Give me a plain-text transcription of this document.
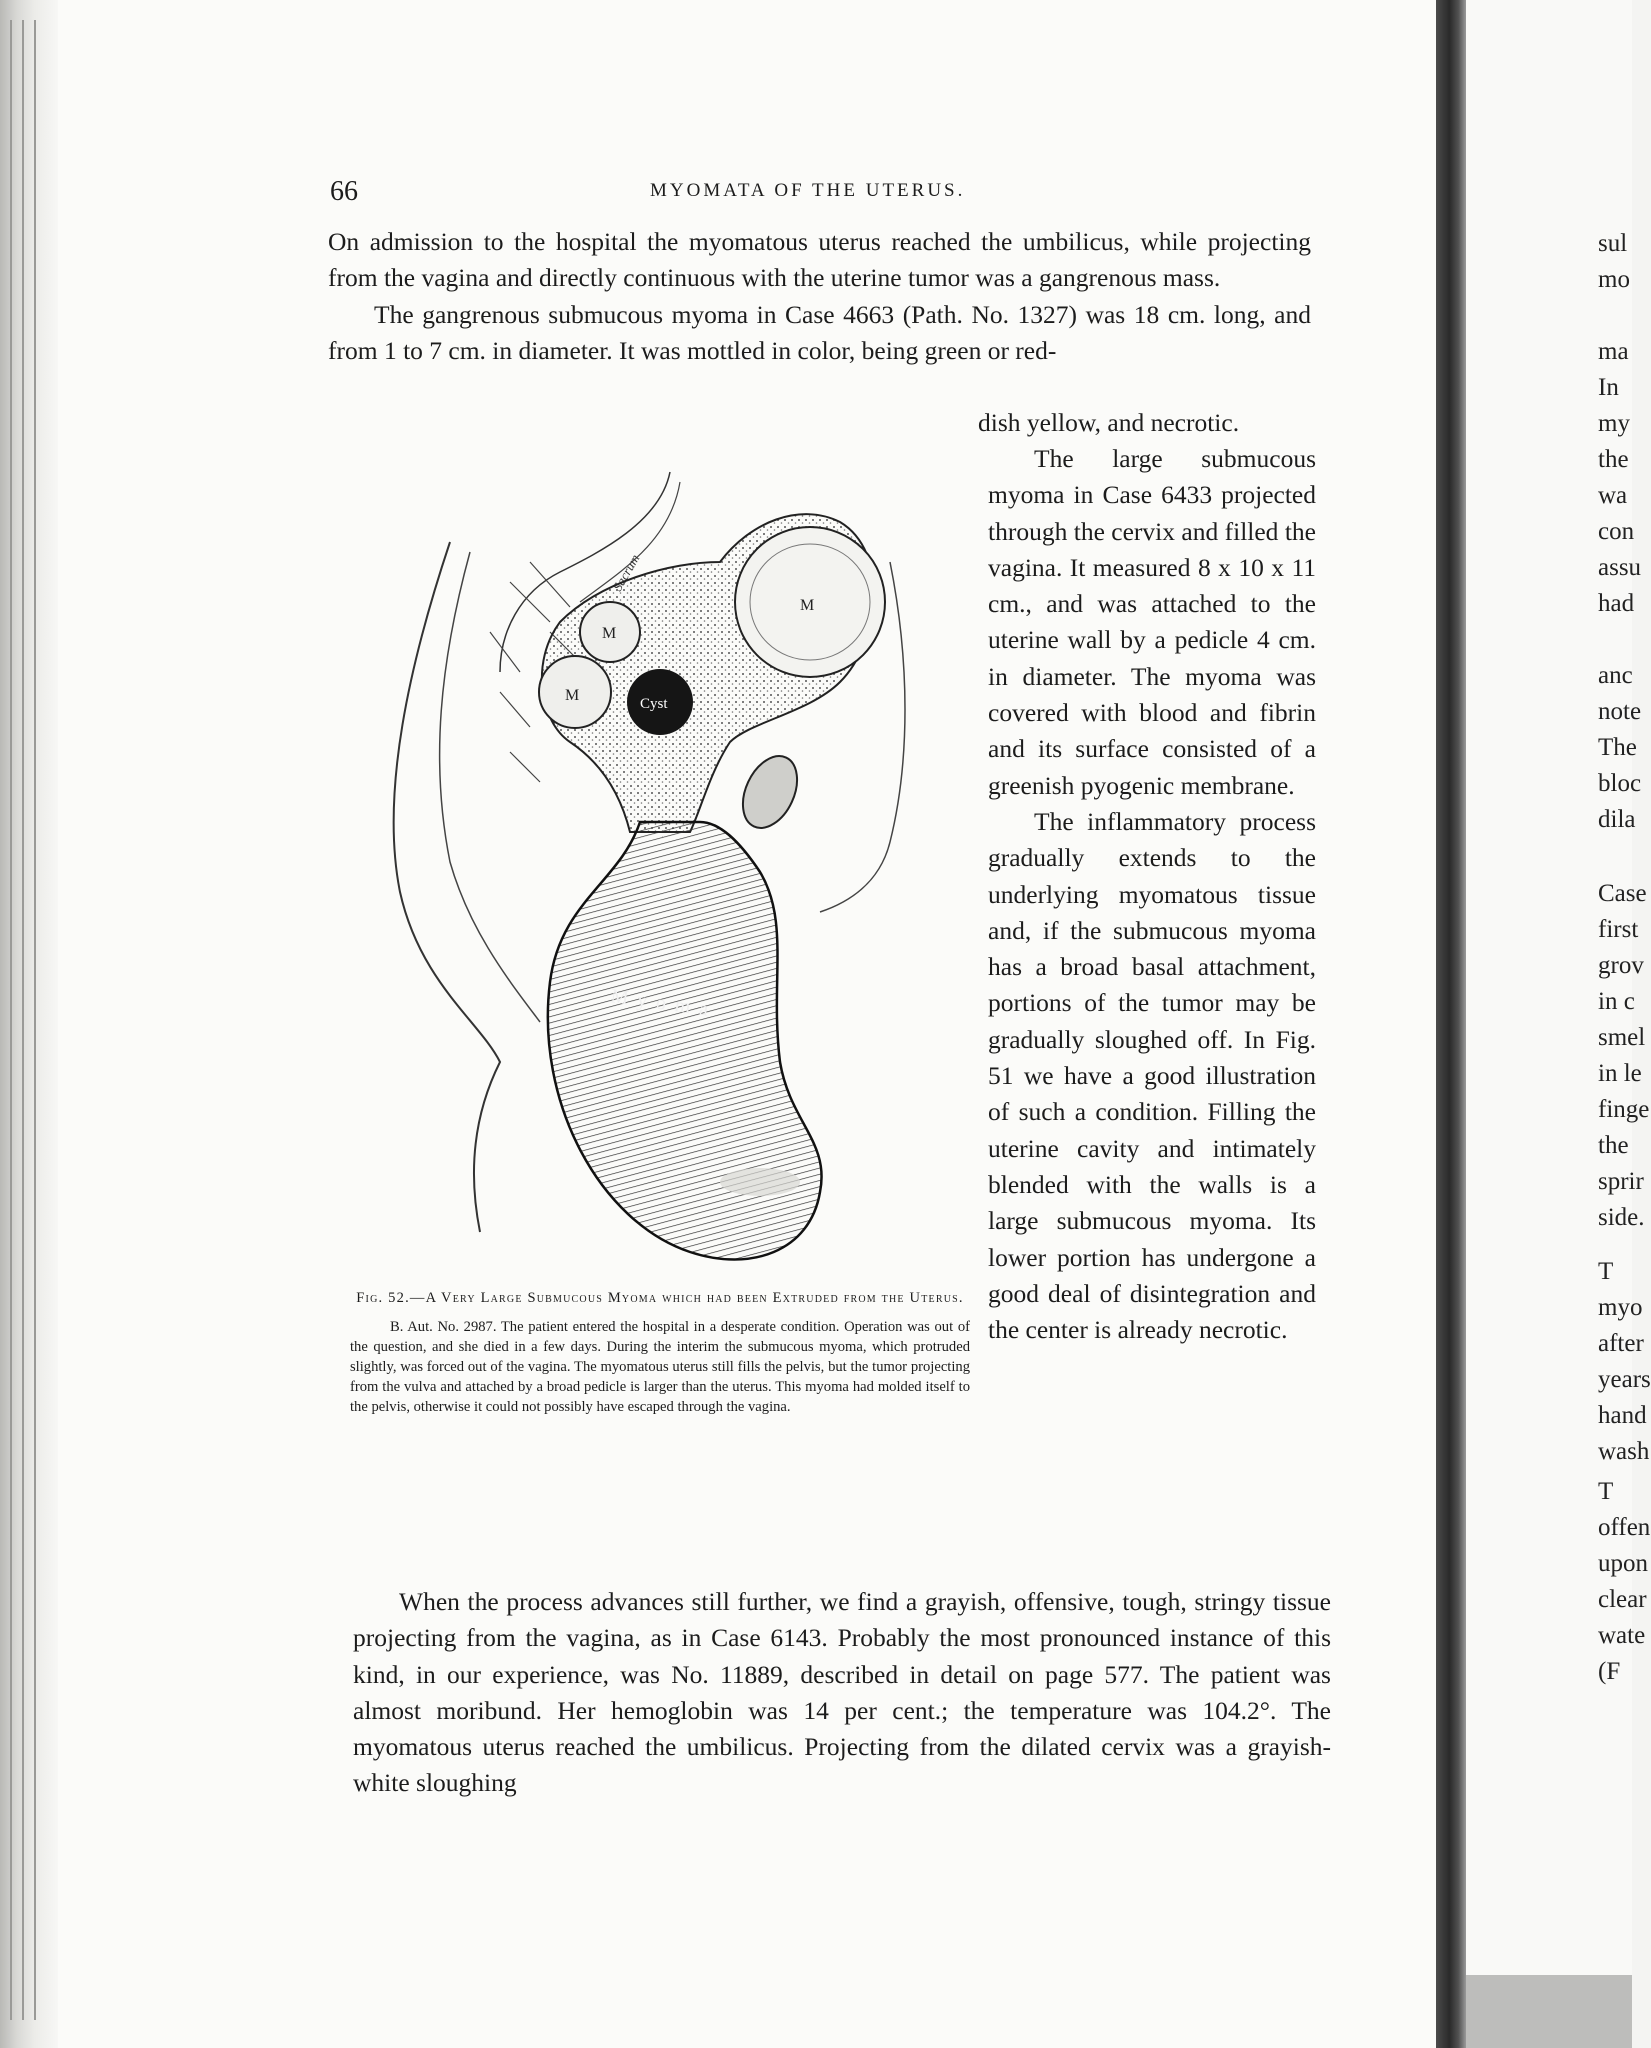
66	MYOMATA OF THE UTERUS.

On admission to the hospital the myomatous uterus reached the umbilicus, while projecting from the vagina and directly continuous with the uterine tumor was a gangrenous mass.

The gangrenous submucous myoma in Case 4663 (Path. No. 1327) was 18 cm. long, and from 1 to 7 cm. in diameter. It was mottled in color, being green or red-

dish yellow, and necrotic.

The large submucous myoma in Case 6433 projected through the cervix and filled the vagina. It measured 8 x 10 x 11 cm., and was attached to the uterine wall by a pedicle 4 cm. in diameter. The myoma was covered with blood and fibrin and its surface consisted of a greenish pyogenic membrane.

The inflammatory process gradually extends to the underlying myomatous tissue and, if the submucous myoma has a broad basal attachment, portions of the tumor may be gradually sloughed off. In Fig. 51 we have a good illustration of such a condition. Filling the uterine cavity and intimately blended with the walls is a large submucous myoma. Its lower portion has undergone a good deal of disintegration and the center is already necrotic.

Sacrum
M
M
M
Cyst
Myoma

Fig. 52.—A Very Large Submucous Myoma which had been Extruded from the Uterus.

B. Aut. No. 2987. The patient entered the hospital in a desperate condition. Operation was out of the question, and she died in a few days. During the interim the submucous myoma, which protruded slightly, was forced out of the vagina. The myomatous uterus still fills the pelvis, but the tumor projecting from the vulva and attached by a broad pedicle is larger than the uterus. This myoma had molded itself to the pelvis, otherwise it could not possibly have escaped through the vagina.

When the process advances still further, we find a grayish, offensive, tough, stringy tissue projecting from the vagina, as in Case 6143. Probably the most pronounced instance of this kind, in our experience, was No. 11889, described in detail on page 577. The patient was almost moribund. Her hemoglobin was 14 per cent.; the temperature was 104.2°. The myomatous uterus reached the umbilicus. Projecting from the dilated cervix was a grayish-white sloughing

sul
mo
ma
In
my
the
wa
con
assu
had
anc
note
The
bloc
dila
Case
first
grov
in c
smel
in le
finge
the
sprir
side.
T
myo
after
years
hand
wash
T
offen
upon
clear
wate
(F
